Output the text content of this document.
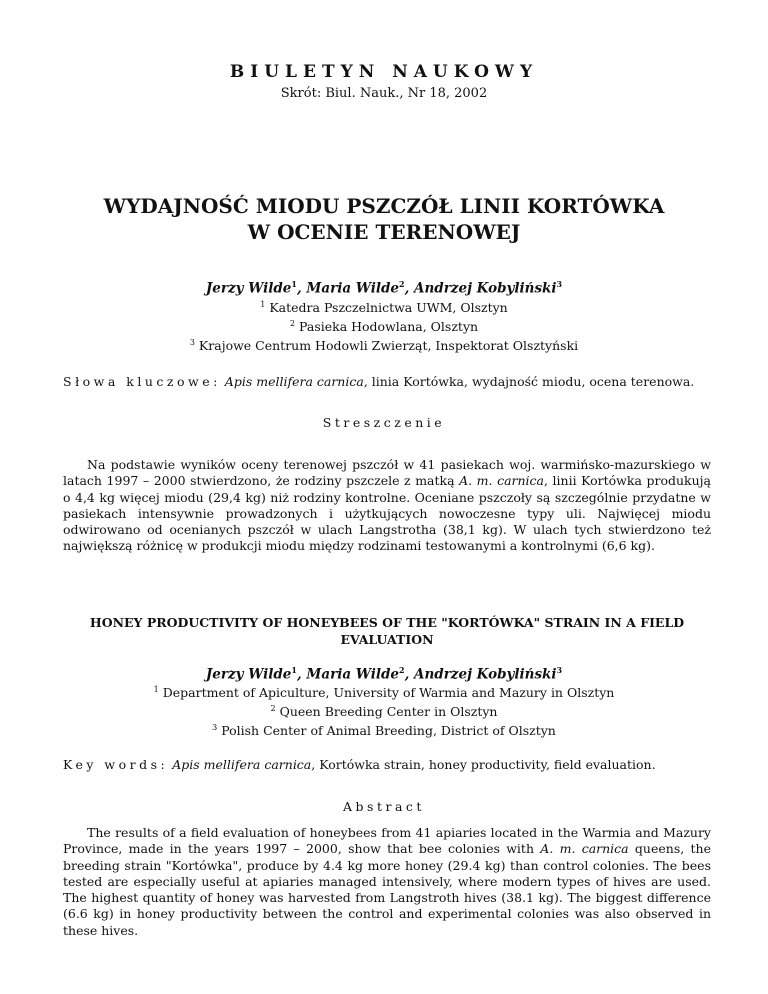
BIULETYN NAUKOWY
Skrót: Biul. Nauk., Nr 18, 2002
WYDAJNOŚĆ MIODU PSZCZÓŁ LINII KORTÓWKA
W OCENIE TERENOWEJ
Jerzy Wilde$^1$, Maria Wilde$^2$, Andrzej Kobyliński$^3$
$^1$ Katedra Pszczelnictwa UWM, Olsztyn
$^2$ Pasieka Hodowlana, Olsztyn
$^3$ Krajowe Centrum Hodowli Zwierząt, Inspektorat Olsztyński
Słowa kluczowe: Apis mellifera carnica, linia Kortówka, wydajność miodu, ocena terenowa.
Streszczenie

Na podstawie wyników oceny terenowej pszczół w 41 pasiekach woj. warmińsko-mazurskiego w latach 1997 – 2000 stwierdzono, że rodziny pszczele z matką A. m. carnica, linii Kortówka produkują o 4,4 kg więcej miodu (29,4 kg) niż rodziny kontrolne. Oceniane pszczoły są szczególnie przydatne w pasiekach intensywnie prowadzonych i użytkujących nowoczesne typy uli. Najwięcej miodu odwirowano od ocenianych pszczół w ulach Langstrotha (38,1 kg). W ulach tych stwierdzono też największą różnicę w produkcji miodu między rodzinami testowanymi a kontrolnymi (6,6 kg).

HONEY PRODUCTIVITY OF HONEYBEES OF THE "KORTÓWKA" STRAIN IN A FIELD
EVALUATION
Jerzy Wilde$^1$, Maria Wilde$^2$, Andrzej Kobyliński$^3$
$^1$ Department of Apiculture, University of Warmia and Mazury in Olsztyn
$^2$ Queen Breeding Center in Olsztyn
$^3$ Polish Center of Animal Breeding, District of Olsztyn
Key words: Apis mellifera carnica, Kortówka strain, honey productivity, field evaluation.
Abstract

The results of a field evaluation of honeybees from 41 apiaries located in the Warmia and Mazury Province, made in the years 1997 – 2000, show that bee colonies with A. m. carnica queens, the breeding strain "Kortówka", produce by 4.4 kg more honey (29.4 kg) than control colonies. The bees tested are especially useful at apiaries managed intensively, where modern types of hives are used. The highest quantity of honey was harvested from Langstroth hives (38.1 kg). The biggest difference (6.6 kg) in honey productivity between the control and experimental colonies was also observed in these hives.
